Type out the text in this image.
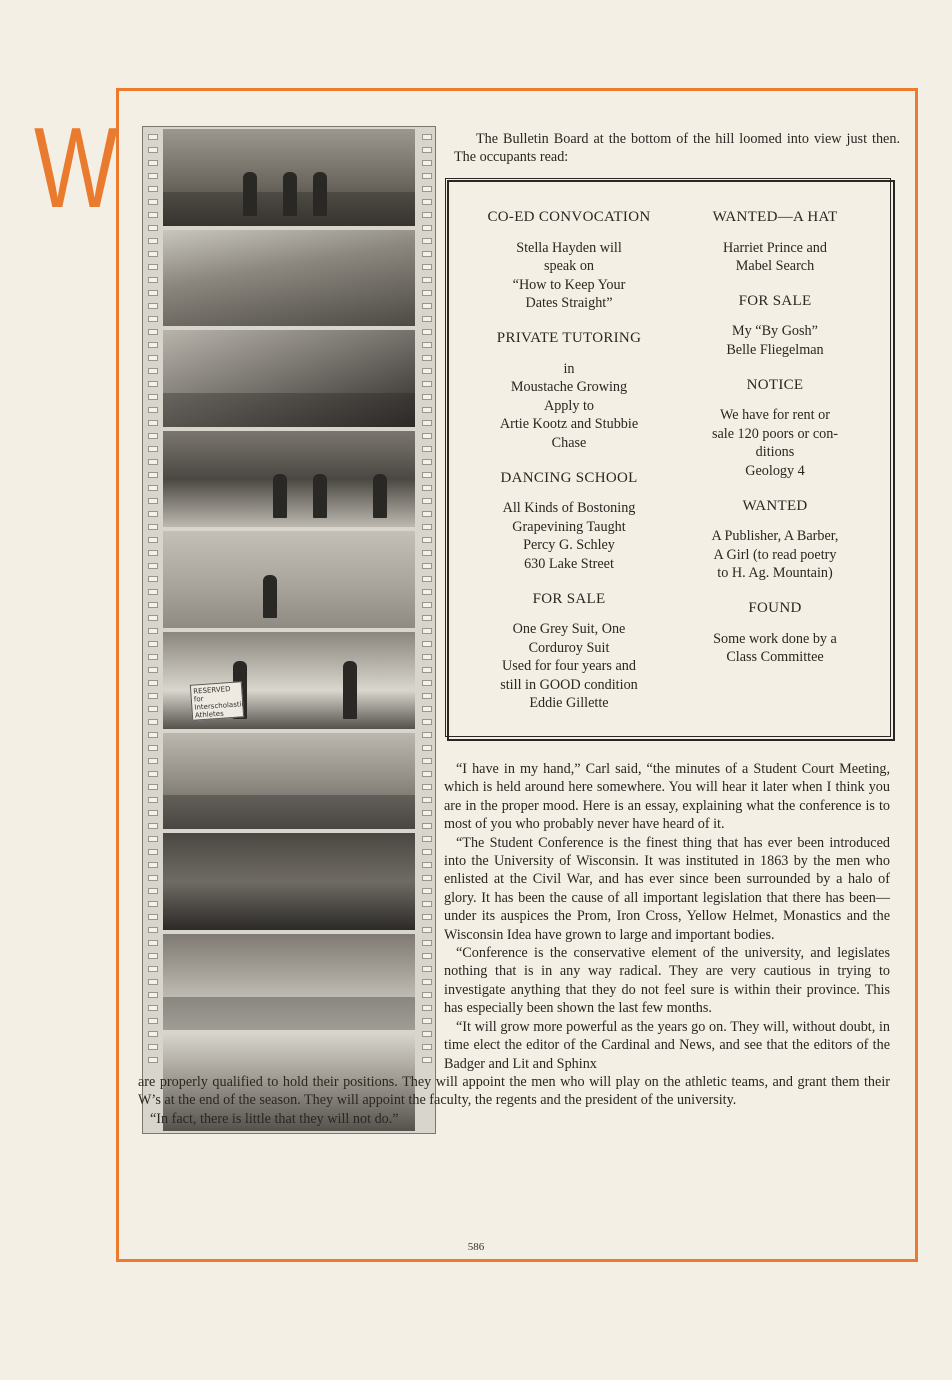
W
RESERVED for Interscholastic Athletes
The Bulletin Board at the bottom of the hill loomed into view just then. The occupants read:
CO-ED CONVOCATION

Stella Hayden will
speak on
“How to Keep Your
Dates Straight”

PRIVATE TUTORING

in
Moustache Growing
Apply to
Artie Kootz and Stubbie
Chase

DANCING SCHOOL

All Kinds of Bostoning
Grapevining Taught
Percy G. Schley
630 Lake Street

FOR SALE

One Grey Suit, One
Corduroy Suit
Used for four years and
still in GOOD condition
Eddie Gillette

WANTED—A HAT

Harriet Prince and
Mabel Search

FOR SALE

My “By Gosh”
Belle Fliegelman

NOTICE

We have for rent or
sale 120 poors or con-
ditions
Geology 4

WANTED

A Publisher, A Barber,
A Girl (to read poetry
to H. Ag. Mountain)

FOUND

Some work done by a
Class Committee

“I have in my hand,” Carl said, “the minutes of a Student Court Meeting, which is held around here somewhere. You will hear it later when I think you are in the proper mood. Here is an essay, explaining what the conference is to most of you who probably never have heard of it.

“The Student Conference is the finest thing that has ever been introduced into the University of Wisconsin. It was instituted in 1863 by the men who enlisted at the Civil War, and has ever since been surrounded by a halo of glory. It has been the cause of all important legislation that there has been—under its auspices the Prom, Iron Cross, Yellow Helmet, Monastics and the Wisconsin Idea have grown to large and important bodies.

“Conference is the conservative element of the university, and legislates nothing that is in any way radical. They are very cautious in trying to investigate anything that they do not feel sure is within their province. This has especially been shown the last few months.

“It will grow more powerful as the years go on. They will, without doubt, in time elect the editor of the Cardinal and News, and see that the editors of the Badger and Lit and Sphinx

are properly qualified to hold their positions. They will appoint the men who will play on the athletic teams, and grant them their W’s at the end of the season. They will appoint the faculty, the regents and the president of the university.

“In fact, there is little that they will not do.”

586
